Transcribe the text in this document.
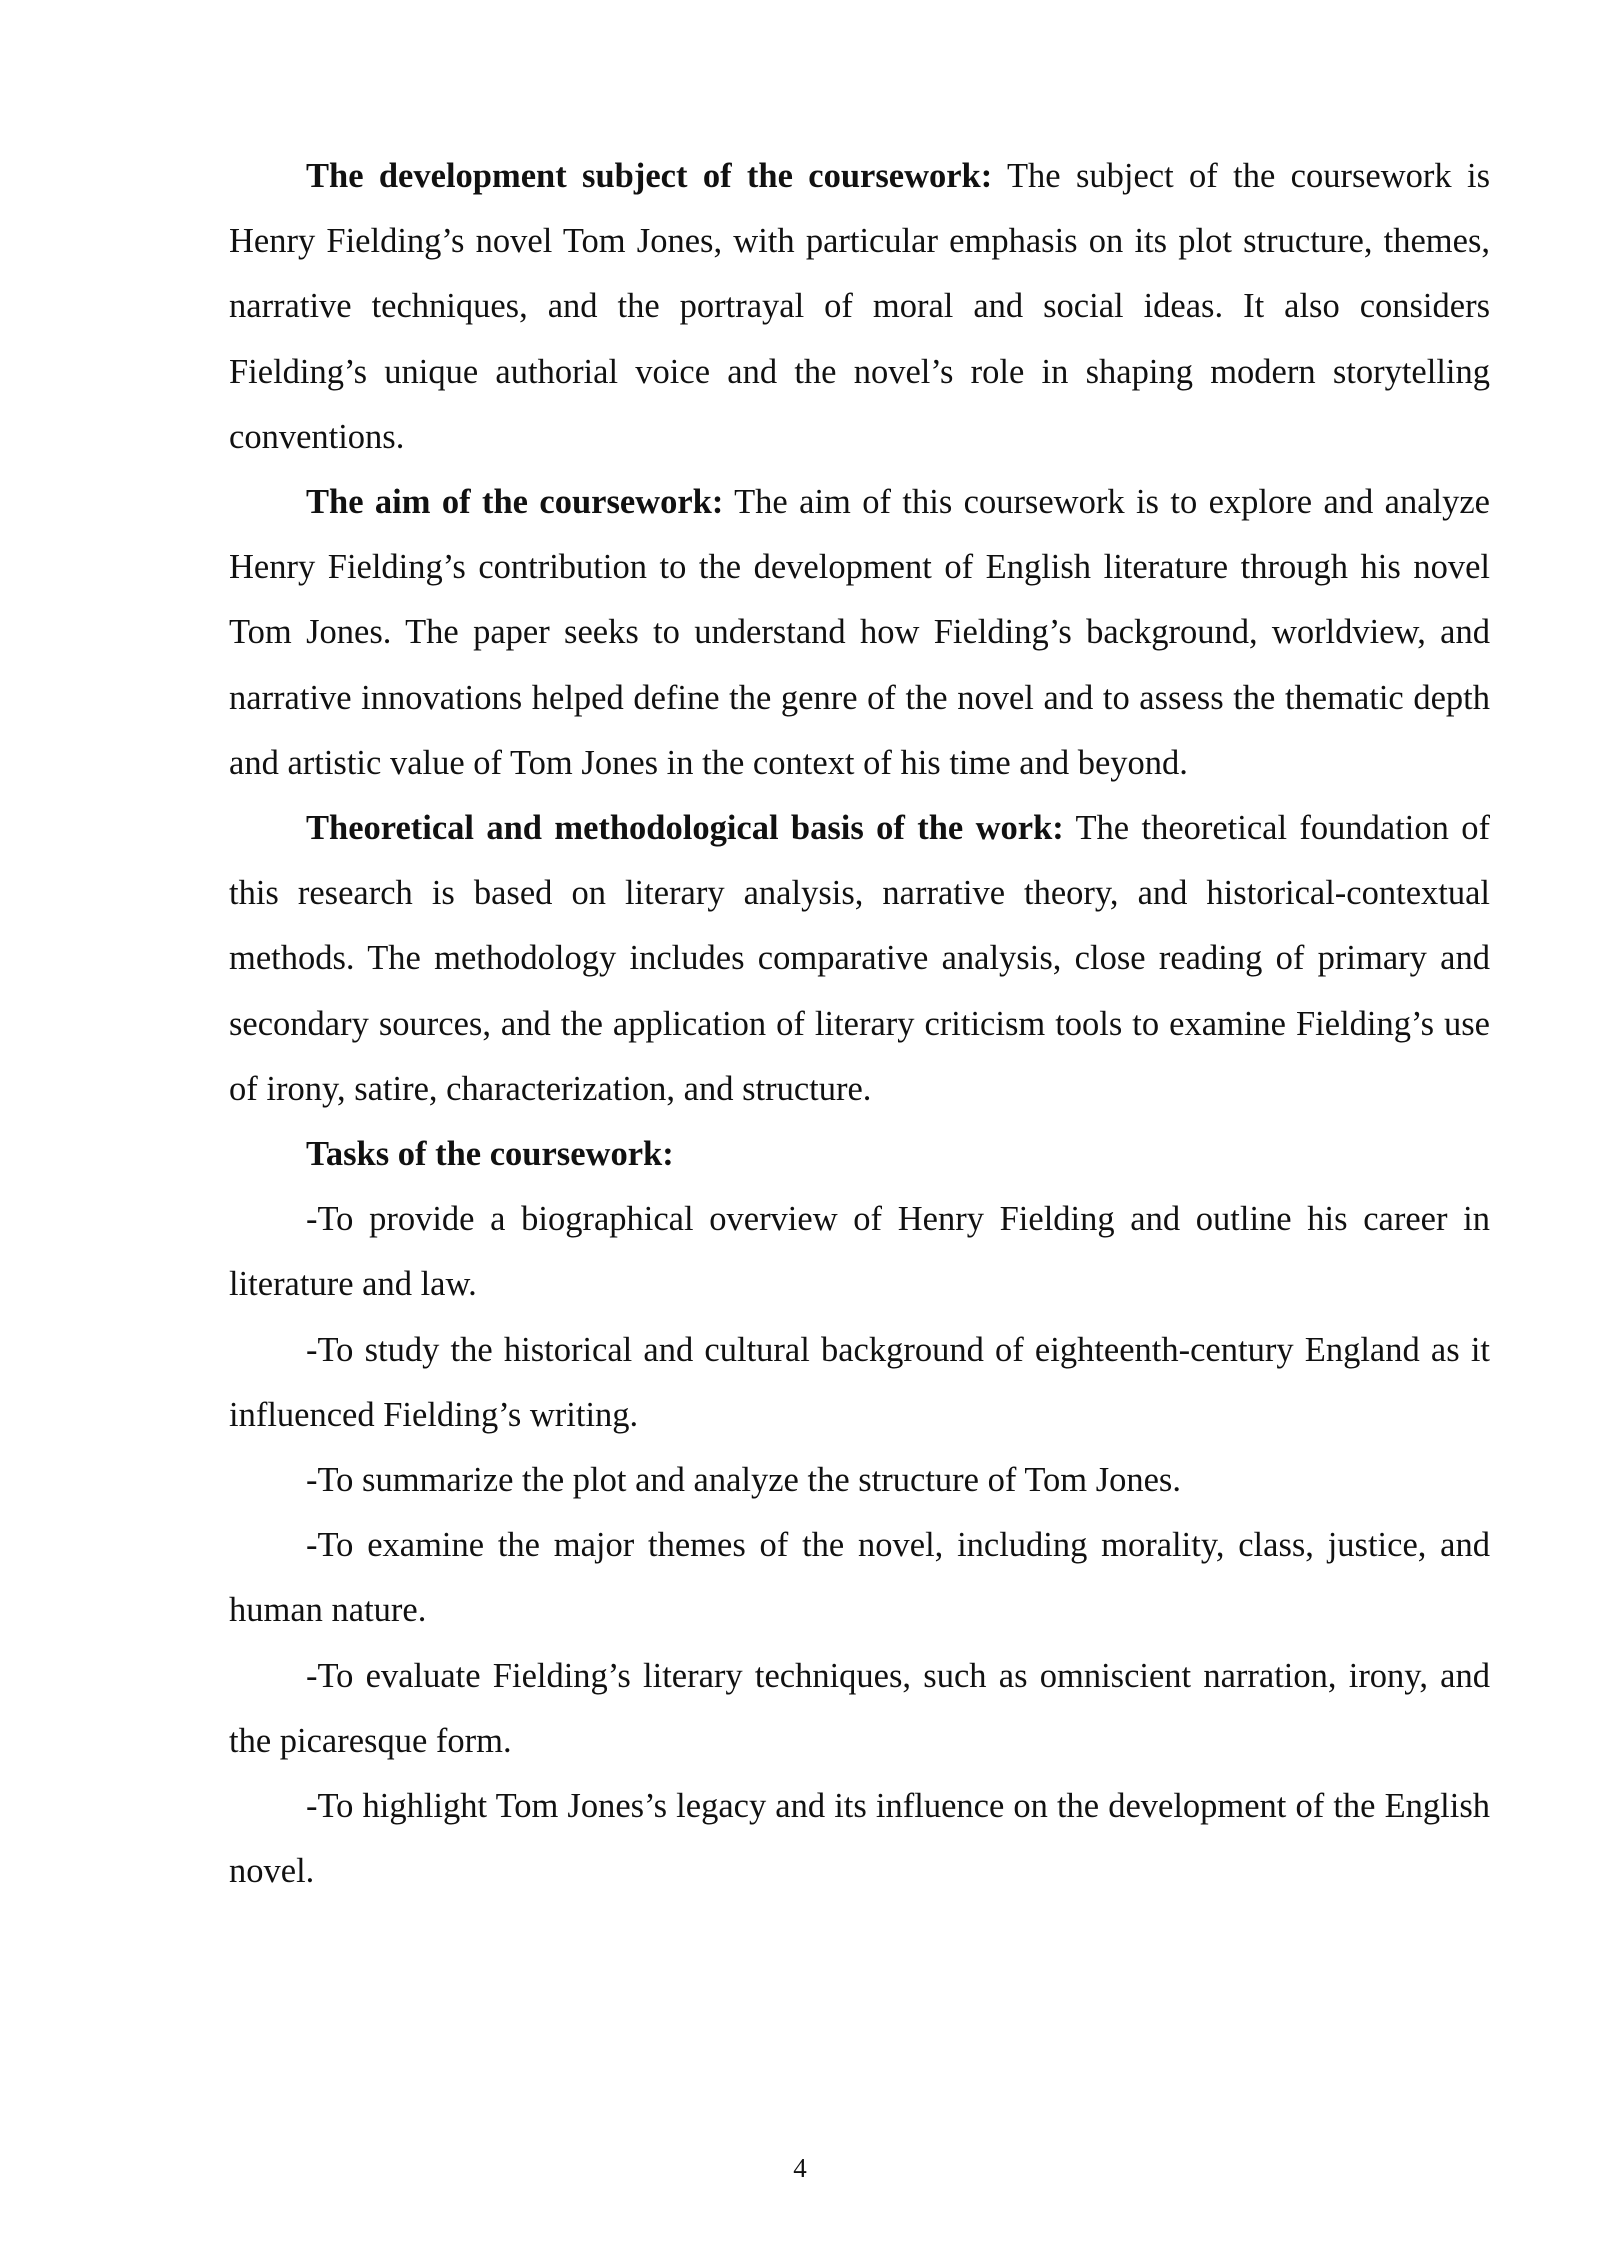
The development subject of the coursework: The subject of the coursework is Henry Fielding’s novel Tom Jones, with particular emphasis on its plot structure, themes, narrative techniques, and the portrayal of moral and social ideas. It also considers Fielding’s unique authorial voice and the novel’s role in shaping modern storytelling conventions.

The aim of the coursework: The aim of this coursework is to explore and analyze Henry Fielding’s contribution to the development of English literature through his novel Tom Jones. The paper seeks to understand how Fielding’s background, worldview, and narrative innovations helped define the genre of the novel and to assess the thematic depth and artistic value of Tom Jones in the context of his time and beyond.

Theoretical and methodological basis of the work: The theoretical foundation of this research is based on literary analysis, narrative theory, and historical-contextual methods. The methodology includes comparative analysis, close reading of primary and secondary sources, and the application of literary criticism tools to examine Fielding’s use of irony, satire, characterization, and structure.

Tasks of the coursework:

-To provide a biographical overview of Henry Fielding and outline his career in literature and law.

-To study the historical and cultural background of eighteenth-century England as it influenced Fielding’s writing.

-To summarize the plot and analyze the structure of Tom Jones.

-To examine the major themes of the novel, including morality, class, justice, and human nature.

-To evaluate Fielding’s literary techniques, such as omniscient narration, irony, and the picaresque form.

-To highlight Tom Jones’s legacy and its influence on the development of the English novel.

4
